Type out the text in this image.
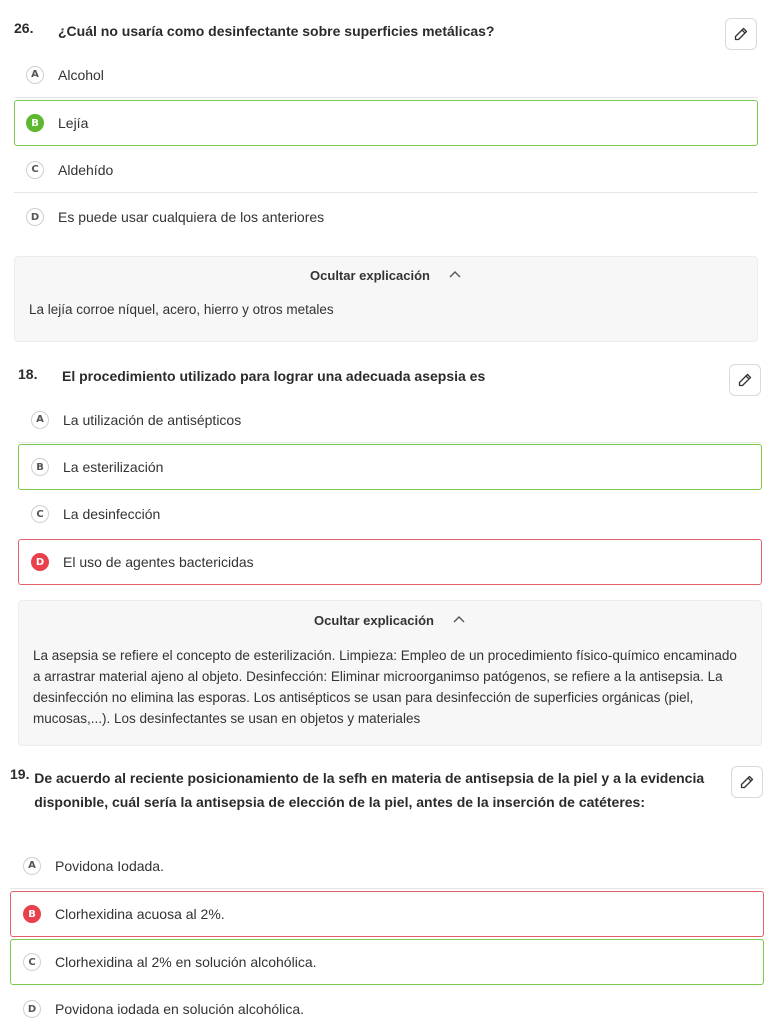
26.	¿Cuál no usaría como desinfectante sobre superficies metálicas?
A	Alcohol
B	Lejía
C	Aldehído
D	Es puede usar cualquiera de los anteriores
Ocultar explicación
La lejía corroe níquel, acero, hierro y otros metales
18.	El procedimiento utilizado para lograr una adecuada asepsia es
A	La utilización de antisépticos
B	La esterilización
C	La desinfección
D	El uso de agentes bactericidas
Ocultar explicación
La asepsia se refiere el concepto de esterilización. Limpieza: Empleo de un procedimiento físico-químico encaminado a arrastrar material ajeno al objeto. Desinfección: Eliminar microorganimso patógenos, se refiere a la antisepsia. La desinfección no elimina las esporas. Los antisépticos se usan para desinfección de superficies orgánicas (piel, mucosas,...). Los desinfectantes se usan en objetos y materiales
19. De acuerdo al reciente posicionamiento de la sefh en materia de antisepsia de la piel y a la evidencia disponible, cuál sería la antisepsia de elección de la piel, antes de la inserción de catéteres:
A	Povidona Iodada.
B	Clorhexidina acuosa al 2%.
C	Clorhexidina al 2% en solución alcohólica.
D	Povidona iodada en solución alcohólica.
